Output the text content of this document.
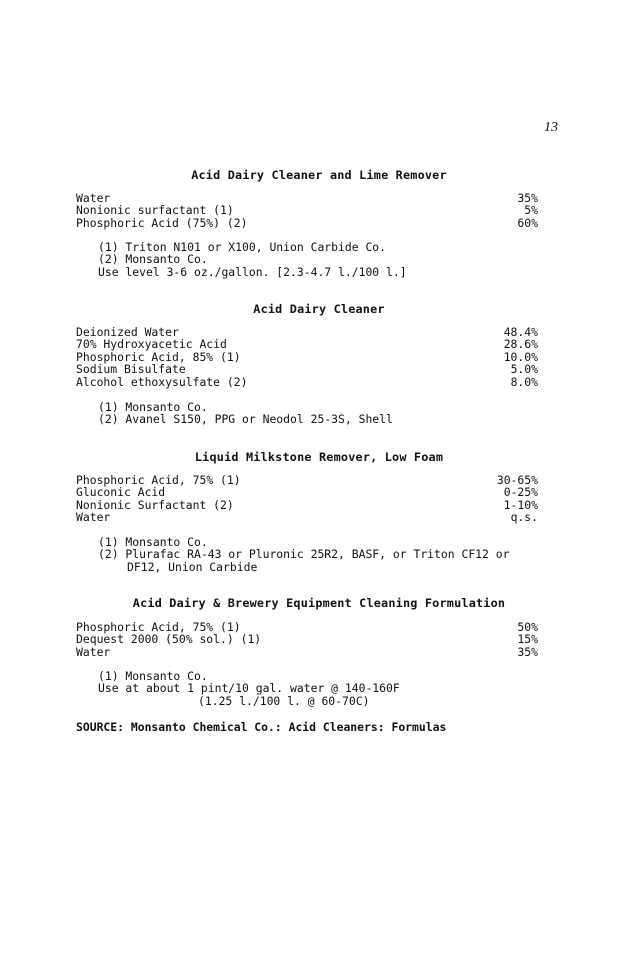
13
Acid Dairy Cleaner and Lime Remover
Water	35%
Nonionic surfactant (1)	5%
Phosphoric Acid (75%) (2)	60%
(1) Triton N101 or X100, Union Carbide Co.
(2) Monsanto Co.
Use level 3-6 oz./gallon. [2.3-4.7 l./100 l.]
Acid Dairy Cleaner
Deionized Water	48.4%
70% Hydroxyacetic Acid	28.6%
Phosphoric Acid, 85% (1)	10.0%
Sodium Bisulfate	5.0%
Alcohol ethoxysulfate (2)	8.0%
(1) Monsanto Co.
(2) Avanel S150, PPG or Neodol 25-3S, Shell
Liquid Milkstone Remover, Low Foam
Phosphoric Acid, 75% (1)	30-65%
Gluconic Acid	0-25%
Nonionic Surfactant (2)	1-10%
Water	q.s.
(1) Monsanto Co.
(2) Plurafac RA-43 or Pluronic 25R2, BASF, or Triton CF12 or DF12, Union Carbide
Acid Dairy & Brewery Equipment Cleaning Formulation
Phosphoric Acid, 75% (1)	50%
Dequest 2000 (50% sol.) (1)	15%
Water	35%
(1) Monsanto Co.
Use at about 1 pint/10 gal. water @ 140-160F
(1.25 l./100 l. @ 60-70C)
SOURCE: Monsanto Chemical Co.: Acid Cleaners: Formulas
